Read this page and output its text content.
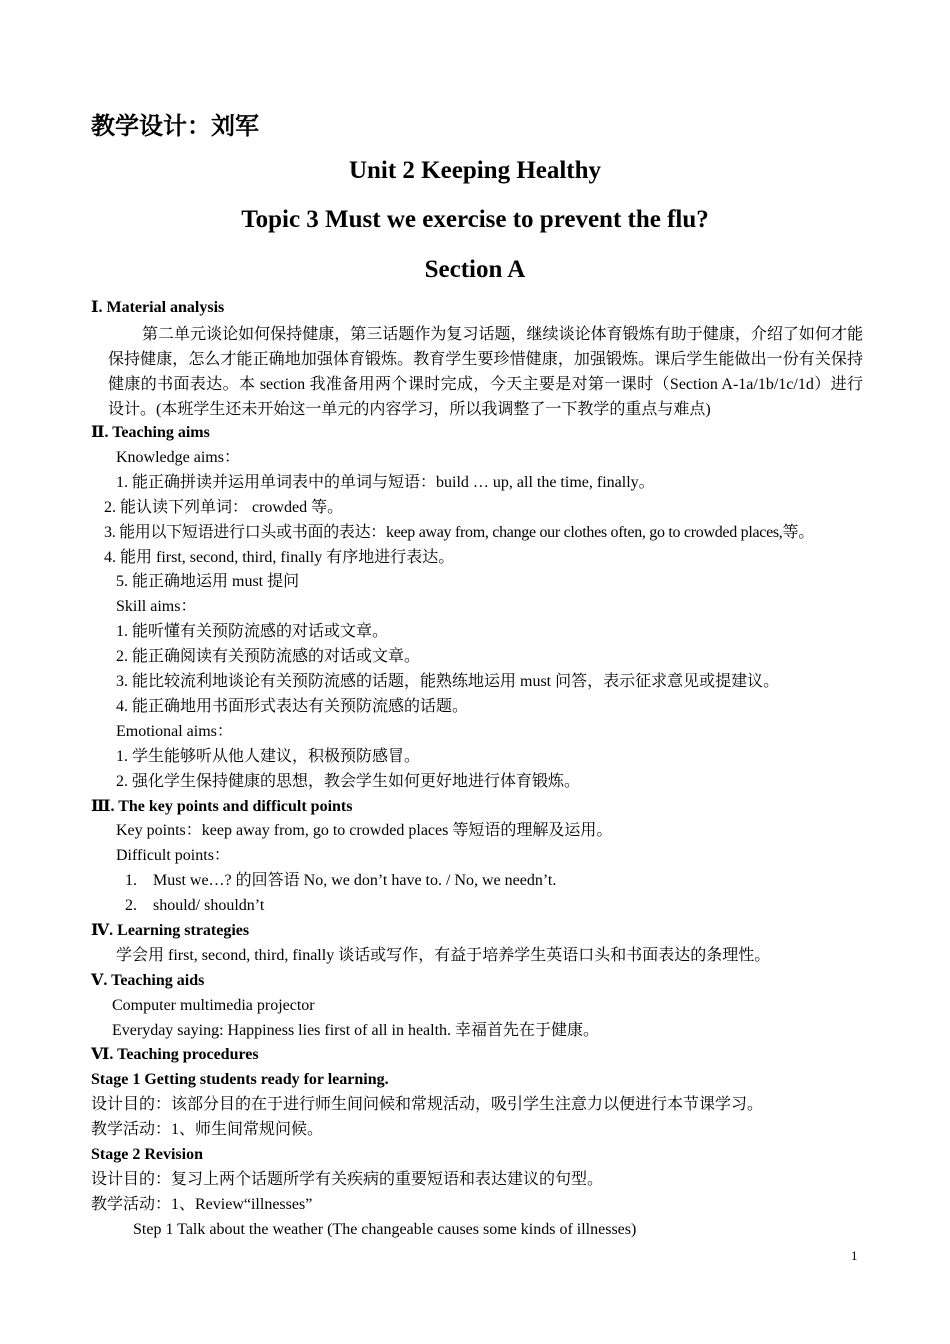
教学设计：刘军
Unit 2 Keeping Healthy
Topic 3 Must we exercise to prevent the flu?
Section A
Ⅰ. Material analysis
第二单元谈论如何保持健康，第三话题作为复习话题，继续谈论体育锻炼有助于健康，介绍了如何才能保持健康，怎么才能正确地加强体育锻炼。教育学生要珍惜健康，加强锻炼。课后学生能做出一份有关保持健康的书面表达。本 section 我准备用两个课时完成，今天主要是对第一课时（Section A-1a/1b/1c/1d）进行设计。(本班学生还未开始这一单元的内容学习，所以我调整了一下教学的重点与难点)
Ⅱ. Teaching aims
Knowledge aims：
1. 能正确拼读并运用单词表中的单词与短语：build … up, all the time, finally。
2. 能认读下列单词： crowded 等。
3. 能用以下短语进行口头或书面的表达：keep away from, change our clothes often, go to crowded places,等。
4. 能用 first, second, third, finally 有序地进行表达。
5. 能正确地运用 must 提问
Skill aims：
1. 能听懂有关预防流感的对话或文章。
2. 能正确阅读有关预防流感的对话或文章。
3. 能比较流利地谈论有关预防流感的话题，能熟练地运用 must 问答，表示征求意见或提建议。
4. 能正确地用书面形式表达有关预防流感的话题。
Emotional aims：
1. 学生能够听从他人建议，积极预防感冒。
2. 强化学生保持健康的思想，教会学生如何更好地进行体育锻炼。
Ⅲ. The key points and difficult points
Key points：keep away from, go to crowded places 等短语的理解及运用。
Difficult points：
1. Must we…? 的回答语 No, we don’t have to. / No, we needn’t.
2. should/ shouldn’t
Ⅳ. Learning strategies
学会用 first, second, third, finally 谈话或写作，有益于培养学生英语口头和书面表达的条理性。
Ⅴ. Teaching aids
Computer multimedia projector
Everyday saying: Happiness lies first of all in health. 幸福首先在于健康。
Ⅵ. Teaching procedures
Stage 1 Getting students ready for learning.
设计目的：该部分目的在于进行师生间问候和常规活动，吸引学生注意力以便进行本节课学习。
教学活动：1、师生间常规问候。
Stage 2 Revision
设计目的：复习上两个话题所学有关疾病的重要短语和表达建议的句型。
教学活动：1、Review“illnesses”
Step 1 Talk about the weather (The changeable causes some kinds of illnesses)
1
